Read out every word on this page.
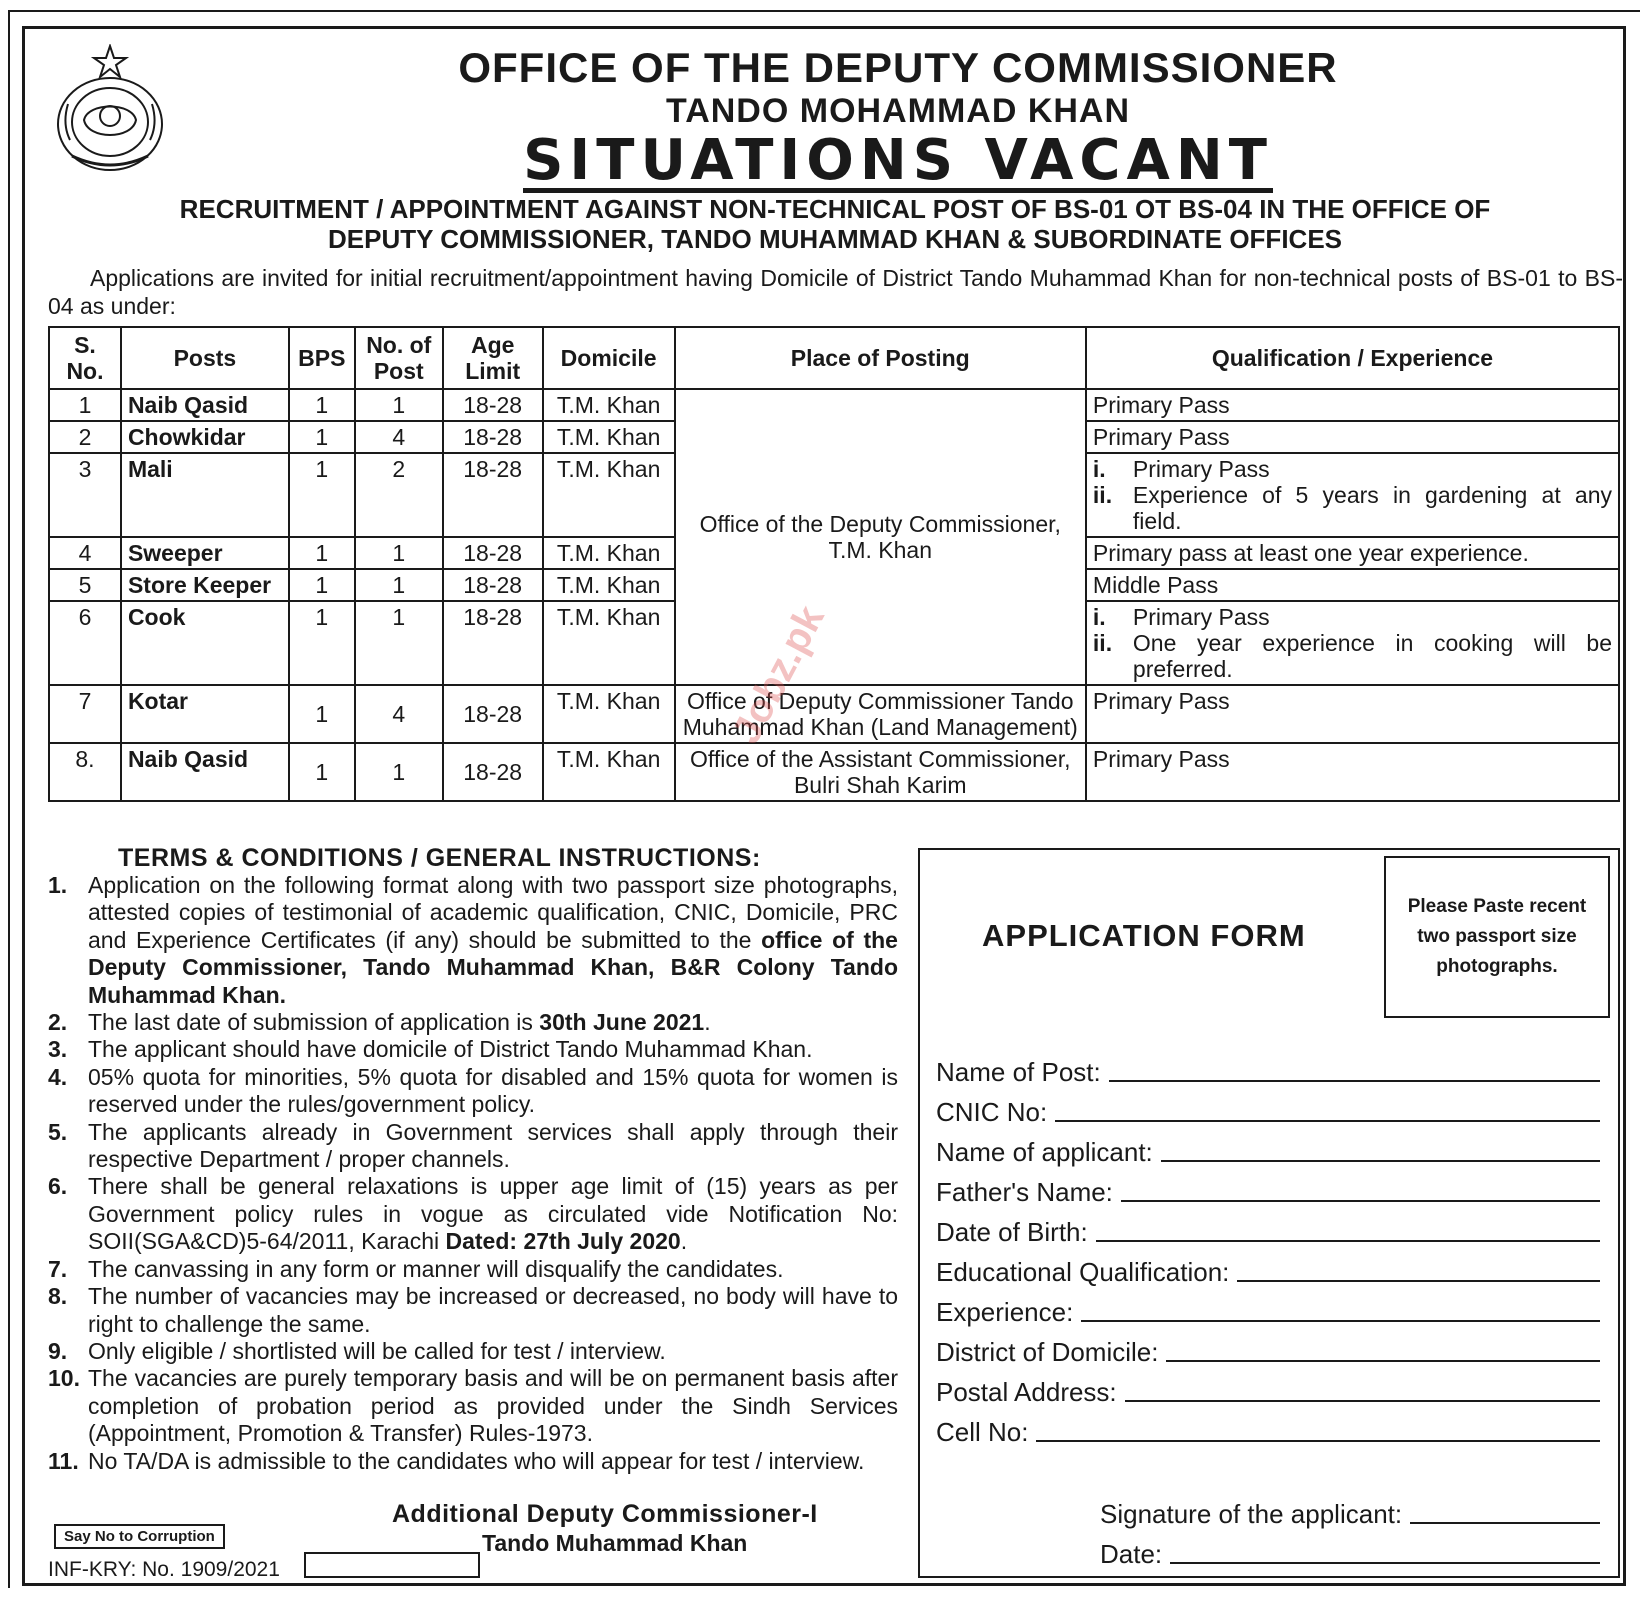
OFFICE OF THE DEPUTY COMMISSIONER
TANDO MOHAMMAD KHAN
SITUATIONS VACANT
RECRUITMENT / APPOINTMENT AGAINST NON-TECHNICAL POST OF BS-01 OT BS-04 IN THE OFFICE OF
DEPUTY COMMISSIONER, TANDO MUHAMMAD KHAN & SUBORDINATE OFFICES
Applications are invited for initial recruitment/appointment having Domicile of District Tando Muhammad Khan for non-technical posts of BS-01 to BS-04 as under:
S. No.	Posts	BPS	No. of Post	Age Limit	Domicile	Place of Posting	Qualification / Experience
1	Naib Qasid	1	1	18-28	T.M. Khan	Office of the Deputy Commissioner, T.M. Khan	Primary Pass
2	Chowkidar	1	4	18-28	T.M. Khan		Primary Pass
3	Mali	1	2	18-28	T.M. Khan		i. Primary Pass
ii. Experience of 5 years in gardening at any field.

4	Sweeper	1	1	18-28	T.M. Khan		Primary pass at least one year experience.
5	Store Keeper	1	1	18-28	T.M. Khan		Middle Pass
6	Cook	1	1	18-28	T.M. Khan		i. Primary Pass
ii. One year experience in cooking will be preferred.

7	Kotar	1	4	18-28	T.M. Khan	Office of Deputy Commissioner Tando Muhammad Khan (Land Management)	Primary Pass
8.	Naib Qasid	1	1	18-28	T.M. Khan	Office of the Assistant Commissioner, Bulri Shah Karim	Primary Pass
TERMS & CONDITIONS / GENERAL INSTRUCTIONS:
1. Application on the following format along with two passport size photographs, attested copies of testimonial of academic qualification, CNIC, Domicile, PRC and Experience Certificates (if any) should be submitted to the office of the Deputy Commissioner, Tando Muhammad Khan, B&R Colony Tando Muhammad Khan.
2. The last date of submission of application is 30th June 2021.
3. The applicant should have domicile of District Tando Muhammad Khan.
4. 05% quota for minorities, 5% quota for disabled and 15% quota for women is reserved under the rules/government policy.
5. The applicants already in Government services shall apply through their respective Department / proper channels.
6. There shall be general relaxations is upper age limit of (15) years as per Government policy rules in vogue as circulated vide Notification No: SOII(SGA&CD)5-64/2011, Karachi Dated: 27th July 2020.
7. The canvassing in any form or manner will disqualify the candidates.
8. The number of vacancies may be increased or decreased, no body will have to right to challenge the same.
9. Only eligible / shortlisted will be called for test / interview.
10. The vacancies are purely temporary basis and will be on permanent basis after completion of probation period as provided under the Sindh Services (Appointment, Promotion & Transfer) Rules-1973.
11. No TA/DA is admissible to the candidates who will appear for test / interview.
APPLICATION FORM
Please Paste recent two passport size photographs.
Name of Post:
CNIC No:
Name of applicant:
Father's Name:
Date of Birth:
Educational Qualification:
Experience:
District of Domicile:
Postal Address:
Cell No:
Signature of the applicant:
Date:
Additional Deputy Commissioner-I
Tando Muhammad Khan
Say No to Corruption
INF-KRY: No. 1909/2021
Jobz.pk
